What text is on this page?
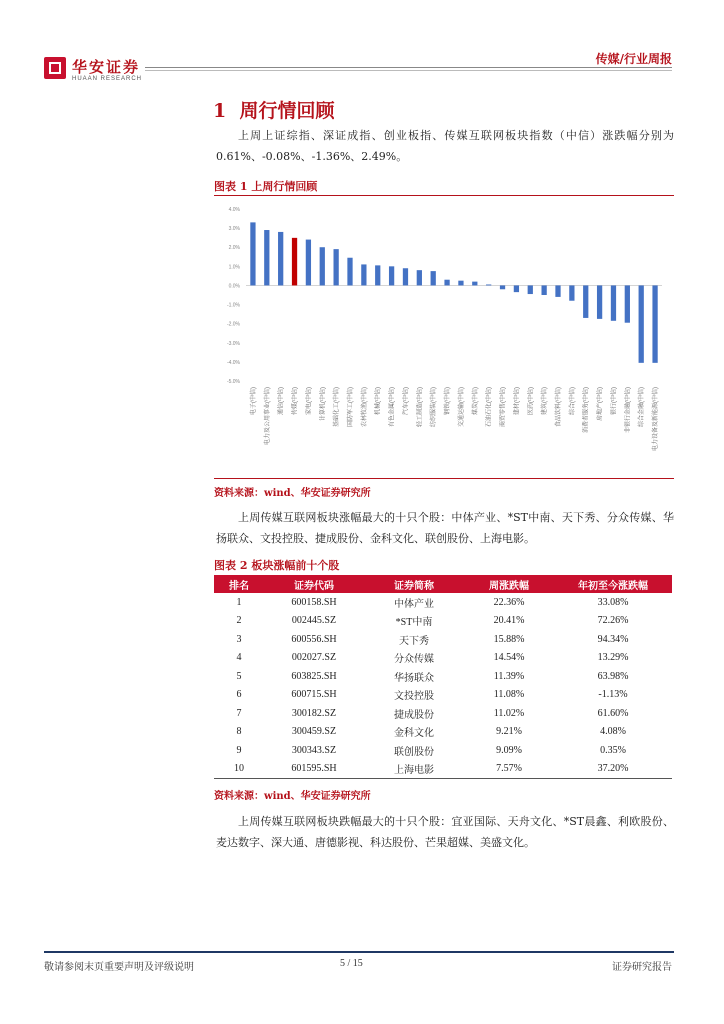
华安证券
HUAAN RESEARCH
传媒/行业周报
1 周行情回顾
上周上证综指、深证成指、创业板指、传媒互联网板块指数（中信）涨跌幅分别为0.61%、-0.08%、-1.36%、2.49%。
图表 1 上周行情回顾
4.0%
3.0%
2.0%
1.0%
0.0%
-1.0%
-2.0%
-3.0%
-4.0%
-5.0%
电子(中信)	电力及公用事业(中信)	通信(中信)	传媒(中信)	家电(中信)	计算机(中信)	基础化工(中信)	国防军工(中信)	农林牧渔(中信)	机械(中信)	有色金属(中信)	汽车(中信)	轻工制造(中信)	纺织服装(中信)	钢铁(中信)	交通运输(中信)	煤炭(中信)	石油石化(中信)	商贸零售(中信)	建材(中信)	医药(中信)	建筑(中信)	食品饮料(中信)	综合(中信)	消费者服务(中信)	房地产(中信)	银行(中信)	非银行金融(中信)	综合金融(中信)	电力设备及新能源(中信)
资料来源：wind、华安证券研究所
上周传媒互联网板块涨幅最大的十只个股：中体产业、*ST中南、天下秀、分众传媒、华扬联众、文投控股、捷成股份、金科文化、联创股份、上海电影。
图表 2 板块涨幅前十个股
排名	证券代码	证券简称	周涨跌幅	年初至今涨跌幅
1	600158.SH	中体产业	22.36%	33.08%
2	002445.SZ	*ST中南	20.41%	72.26%
3	600556.SH	天下秀	15.88%	94.34%
4	002027.SZ	分众传媒	14.54%	13.29%
5	603825.SH	华扬联众	11.39%	63.98%
6	600715.SH	文投控股	11.08%	-1.13%
7	300182.SZ	捷成股份	11.02%	61.60%
8	300459.SZ	金科文化	9.21%	4.08%
9	300343.SZ	联创股份	9.09%	0.35%
10	601595.SH	上海电影	7.57%	37.20%
资料来源：wind、华安证券研究所
上周传媒互联网板块跌幅最大的十只个股：宜亚国际、天舟文化、*ST晨鑫、利欧股份、麦达数字、深大通、唐德影视、科达股份、芒果超媒、美盛文化。
敬请参阅末页重要声明及评级说明	5 / 15	证券研究报告
